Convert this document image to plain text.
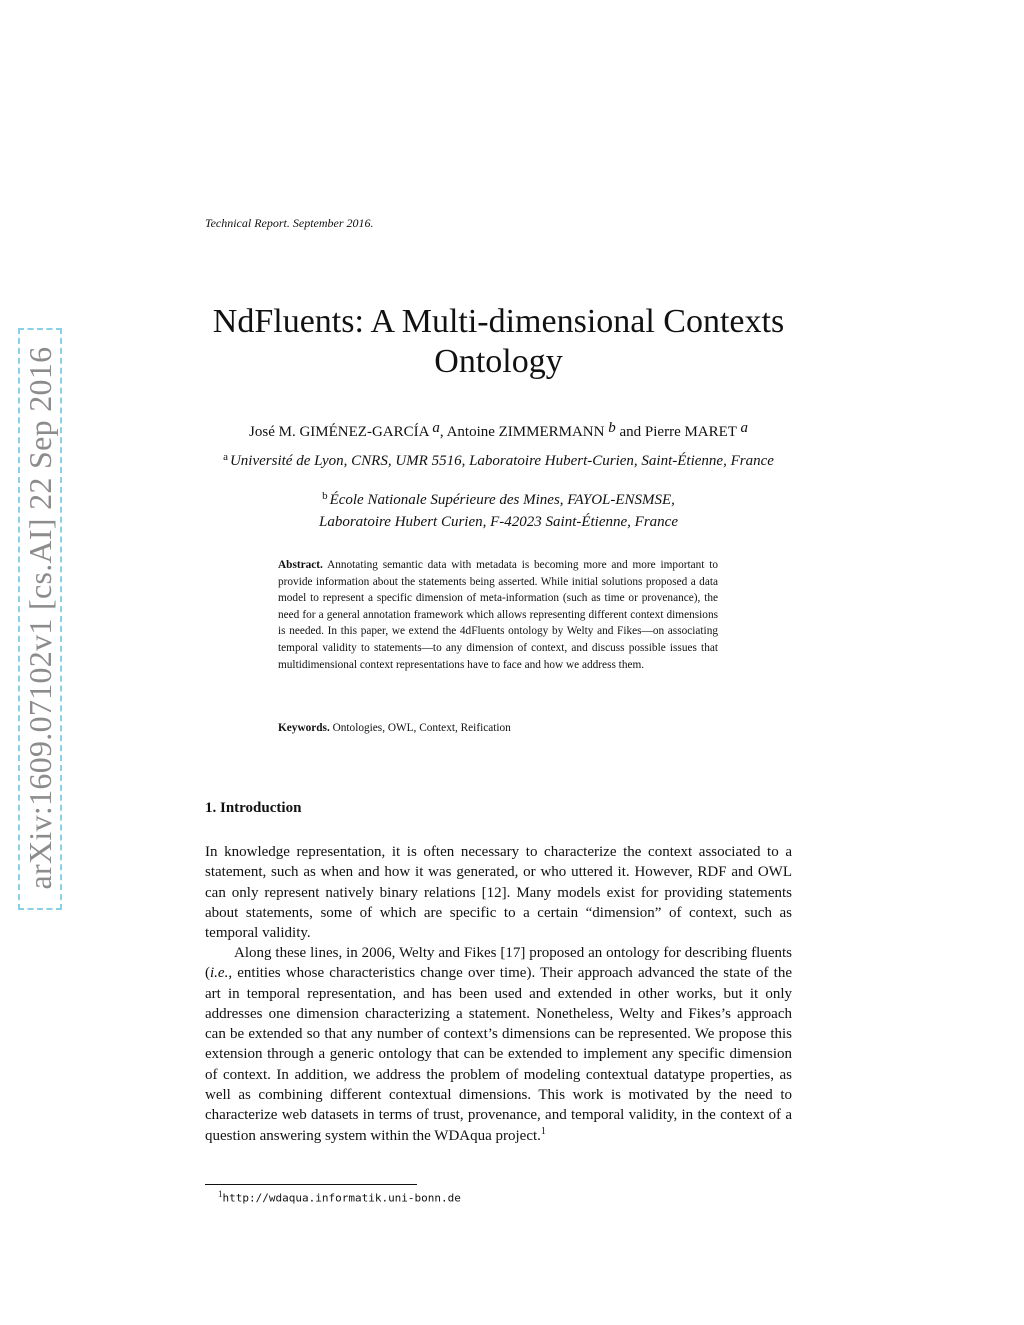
Technical Report. September 2016.
arXiv:1609.07102v1 [cs.AI] 22 Sep 2016
NdFluents: A Multi-dimensional Contexts
Ontology
José M. GIMÉNEZ-GARCÍA $^a$, Antoine ZIMMERMANN $^b$ and Pierre MARET $^a$
$^a$ Université de Lyon, CNRS, UMR 5516, Laboratoire Hubert-Curien, Saint-Étienne, France
$^b$ École Nationale Supérieure des Mines, FAYOL-ENSMSE,
Laboratoire Hubert Curien, F-42023 Saint-Étienne, France
Abstract. Annotating semantic data with metadata is becoming more and more important to provide information about the statements being asserted. While initial solutions proposed a data model to represent a specific dimension of meta-information (such as time or provenance), the need for a general annotation framework which allows representing different context dimensions is needed. In this paper, we extend the 4dFluents ontology by Welty and Fikes—on associating temporal validity to statements—to any dimension of context, and discuss possible issues that multidimensional context representations have to face and how we address them.
Keywords. Ontologies, OWL, Context, Reification
1. Introduction
In knowledge representation, it is often necessary to characterize the context associated to a statement, such as when and how it was generated, or who uttered it. However, RDF and OWL can only represent natively binary relations [12]. Many models exist for providing statements about statements, some of which are specific to a certain “dimension” of context, such as temporal validity.
Along these lines, in 2006, Welty and Fikes [17] proposed an ontology for describing fluents (i.e., entities whose characteristics change over time). Their approach advanced the state of the art in temporal representation, and has been used and extended in other works, but it only addresses one dimension characterizing a statement. Nonetheless, Welty and Fikes’s approach can be extended so that any number of context’s dimensions can be represented. We propose this extension through a generic ontology that can be extended to implement any specific dimension of context. In addition, we address the problem of modeling contextual datatype properties, as well as combining different contextual dimensions. This work is motivated by the need to characterize web datasets in terms of trust, provenance, and temporal validity, in the context of a question answering system within the WDAqua project.$^1$
$^1$http://wdaqua.informatik.uni-bonn.de
